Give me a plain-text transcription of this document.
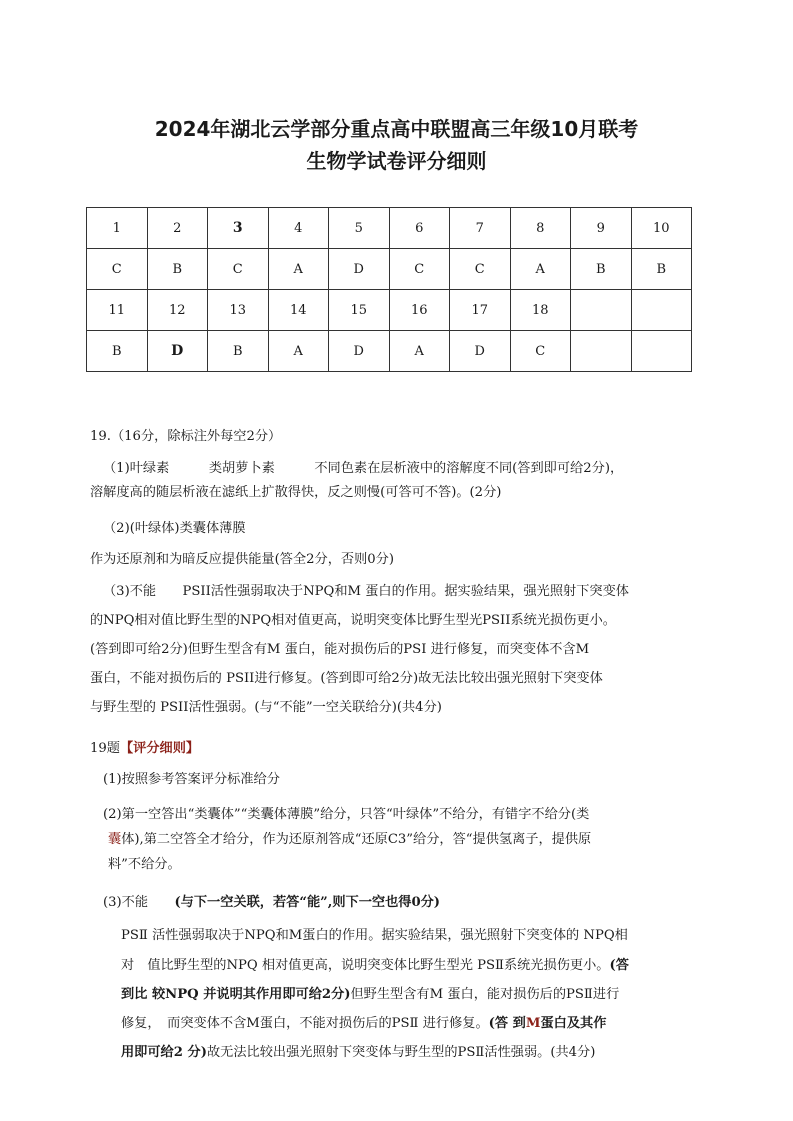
2024年湖北云学部分重点高中联盟高三年级10月联考
生物学试卷评分细则
1	2	3	4	5	6	7	8	9	10
C	B	C	A	D	C	C	A	B	B
11	12	13	14	15	16	17	18		
B	D	B	A	D	A	D	C		
19.（16分，除标注外每空2分）
（1)叶绿素　　　类胡萝卜素　　　不同色素在层析液中的溶解度不同(答到即可给2分)，
溶解度高的随层析液在滤纸上扩散得快，反之则慢(可答可不答)。(2分)
（2)(叶绿体)类囊体薄膜
作为还原剂和为暗反应提供能量(答全2分，否则0分)
（3)不能　　PSII活性强弱取决于NPQ和M 蛋白的作用。据实验结果，强光照射下突变体
的NPQ相对值比野生型的NPQ相对值更高，说明突变体比野生型光PSII系统光损伤更小。
(答到即可给2分)但野生型含有M 蛋白，能对损伤后的PSI 进行修复，而突变体不含M
蛋白，不能对损伤后的 PSII进行修复。(答到即可给2分)故无法比较出强光照射下突变体
与野生型的 PSII活性强弱。(与“不能”一空关联给分)(共4分)
19题【评分细则】
(1)按照参考答案评分标准给分
(2)第一空答出“类囊体”“类囊体薄膜”给分，只答“叶绿体”不给分，有错字不给分(类
囊体),第二空答全才给分，作为还原剂答成“还原C3”给分，答“提供氢离子，提供原
料”不给分。
(3)不能　　(与下一空关联，若答“能”,则下一空也得0分)
PSⅡ 活性强弱取决于NPQ和M蛋白的作用。据实验结果，强光照射下突变体的 NPQ相
对　值比野生型的NPQ 相对值更高，说明突变体比野生型光 PSⅡ系统光损伤更小。(答
到比 较NPQ 并说明其作用即可给2分)但野生型含有M 蛋白，能对损伤后的PSⅡ进行
修复，　而突变体不含M蛋白，不能对损伤后的PSⅡ 进行修复。(答 到M蛋白及其作
用即可给2 分)故无法比较出强光照射下突变体与野生型的PSⅡ活性强弱。(共4分)
